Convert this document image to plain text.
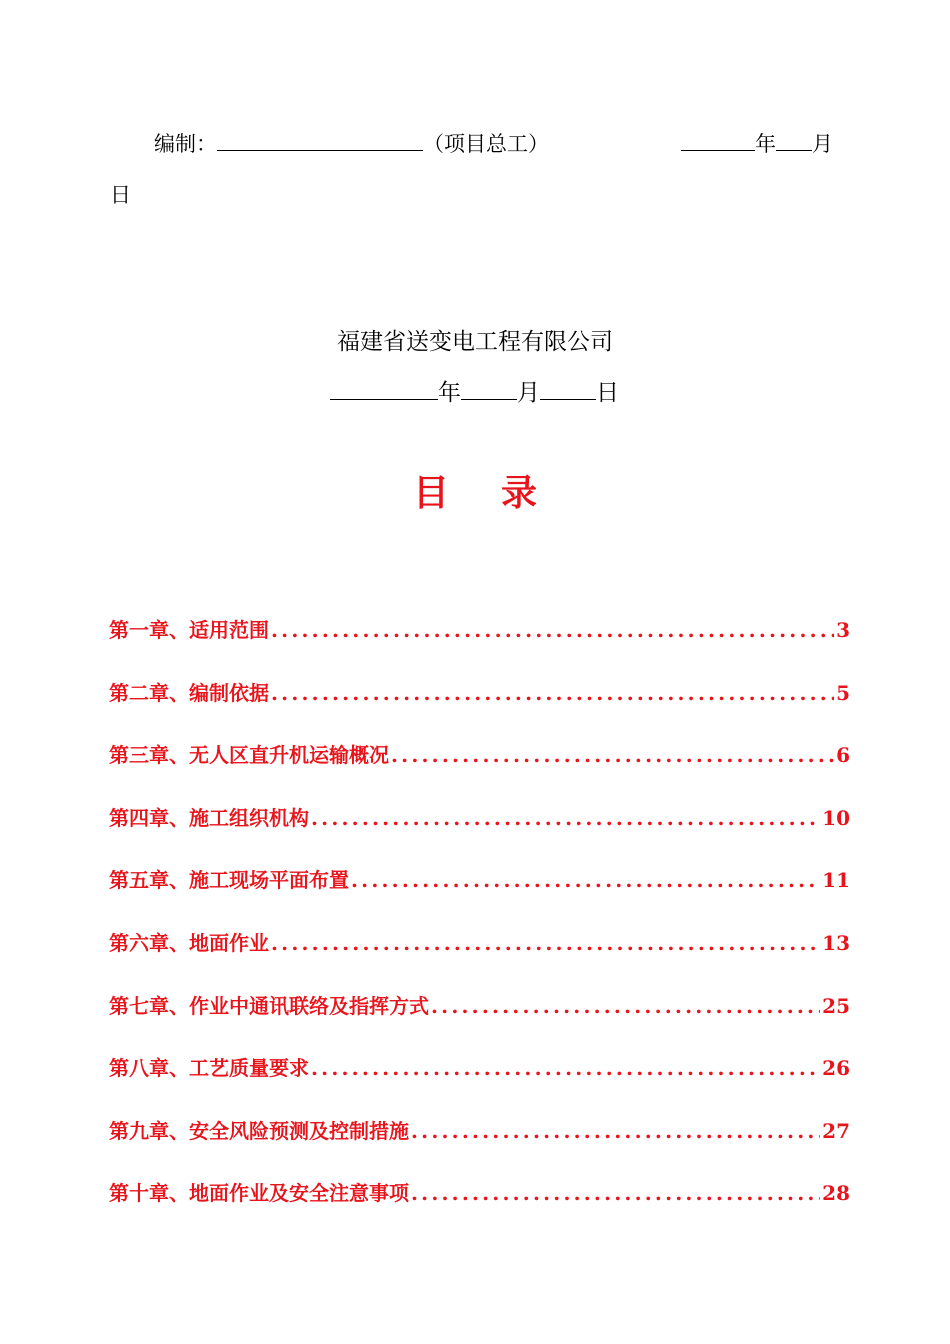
编制：	（项目总工）	年 月
日
福建省送变电工程有限公司
年 月 日
目录
第一章、适用范围 .....	3
第二章、编制依据 .....	5
第三章、无人区直升机运输概况 .....	6
第四章、施工组织机构 .....	10
第五章、施工现场平面布置 .....	11
第六章、地面作业 .....	13
第七章、作业中通讯联络及指挥方式 .....	25
第八章、工艺质量要求 .....	26
第九章、安全风险预测及控制措施 .....	27
第十章、地面作业及安全注意事项 .....	28
